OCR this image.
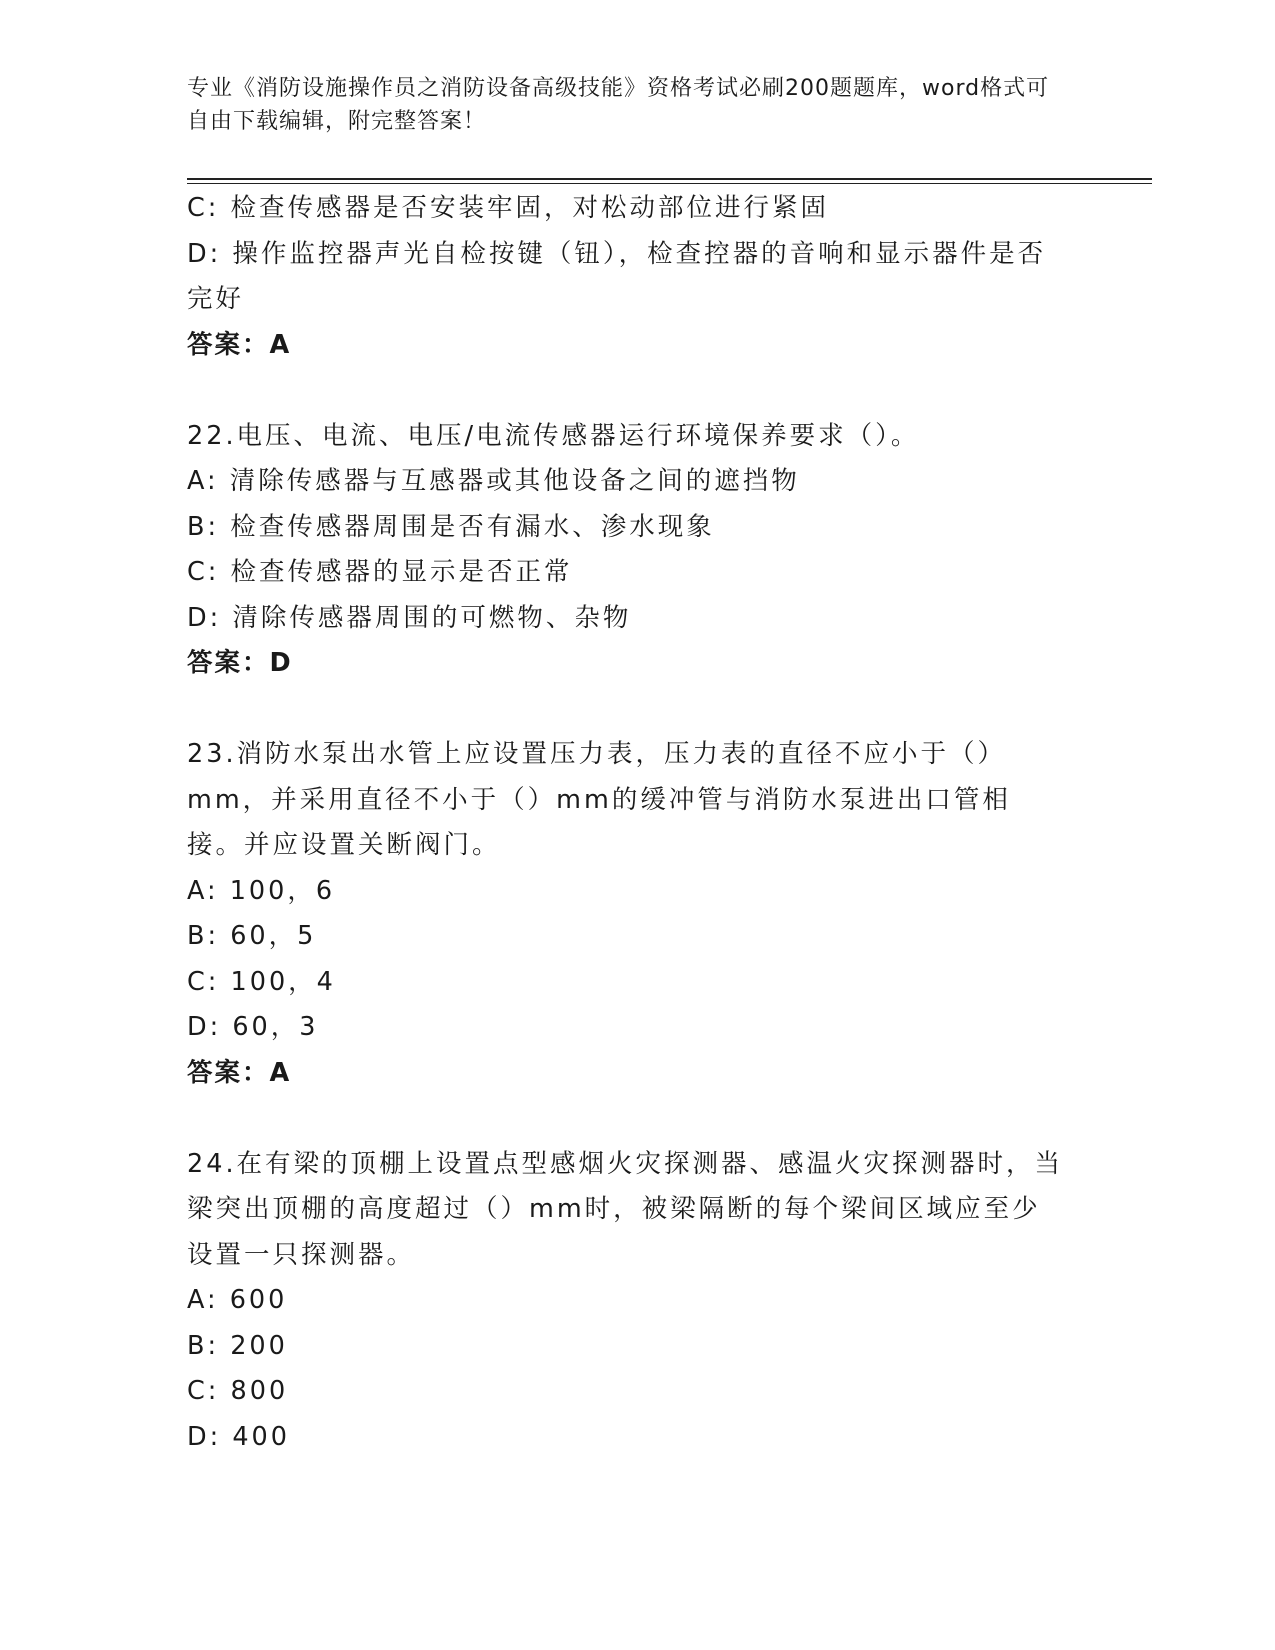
专业《消防设施操作员之消防设备高级技能》资格考试必刷200题题库，word格式可自由下载编辑，附完整答案！
C: 检查传感器是否安装牢固，对松动部位进行紧固
D: 操作监控器声光自检按键（钮），检查控器的音响和显示器件是否完好
答案：A
22.电压、电流、电压/电流传感器运行环境保养要求（）。
A: 清除传感器与互感器或其他设备之间的遮挡物
B: 检查传感器周围是否有漏水、渗水现象
C: 检查传感器的显示是否正常
D: 清除传感器周围的可燃物、杂物
答案：D
23.消防水泵出水管上应设置压力表，压力表的直径不应小于（）mm，并采用直径不小于（）mm的缓冲管与消防水泵进出口管相接。并应设置关断阀门。
A: 100，6
B: 60，5
C: 100，4
D: 60，3
答案：A
24.在有梁的顶棚上设置点型感烟火灾探测器、感温火灾探测器时，当梁突出顶棚的高度超过（）mm时，被梁隔断的每个梁间区域应至少设置一只探测器。
A: 600
B: 200
C: 800
D: 400
